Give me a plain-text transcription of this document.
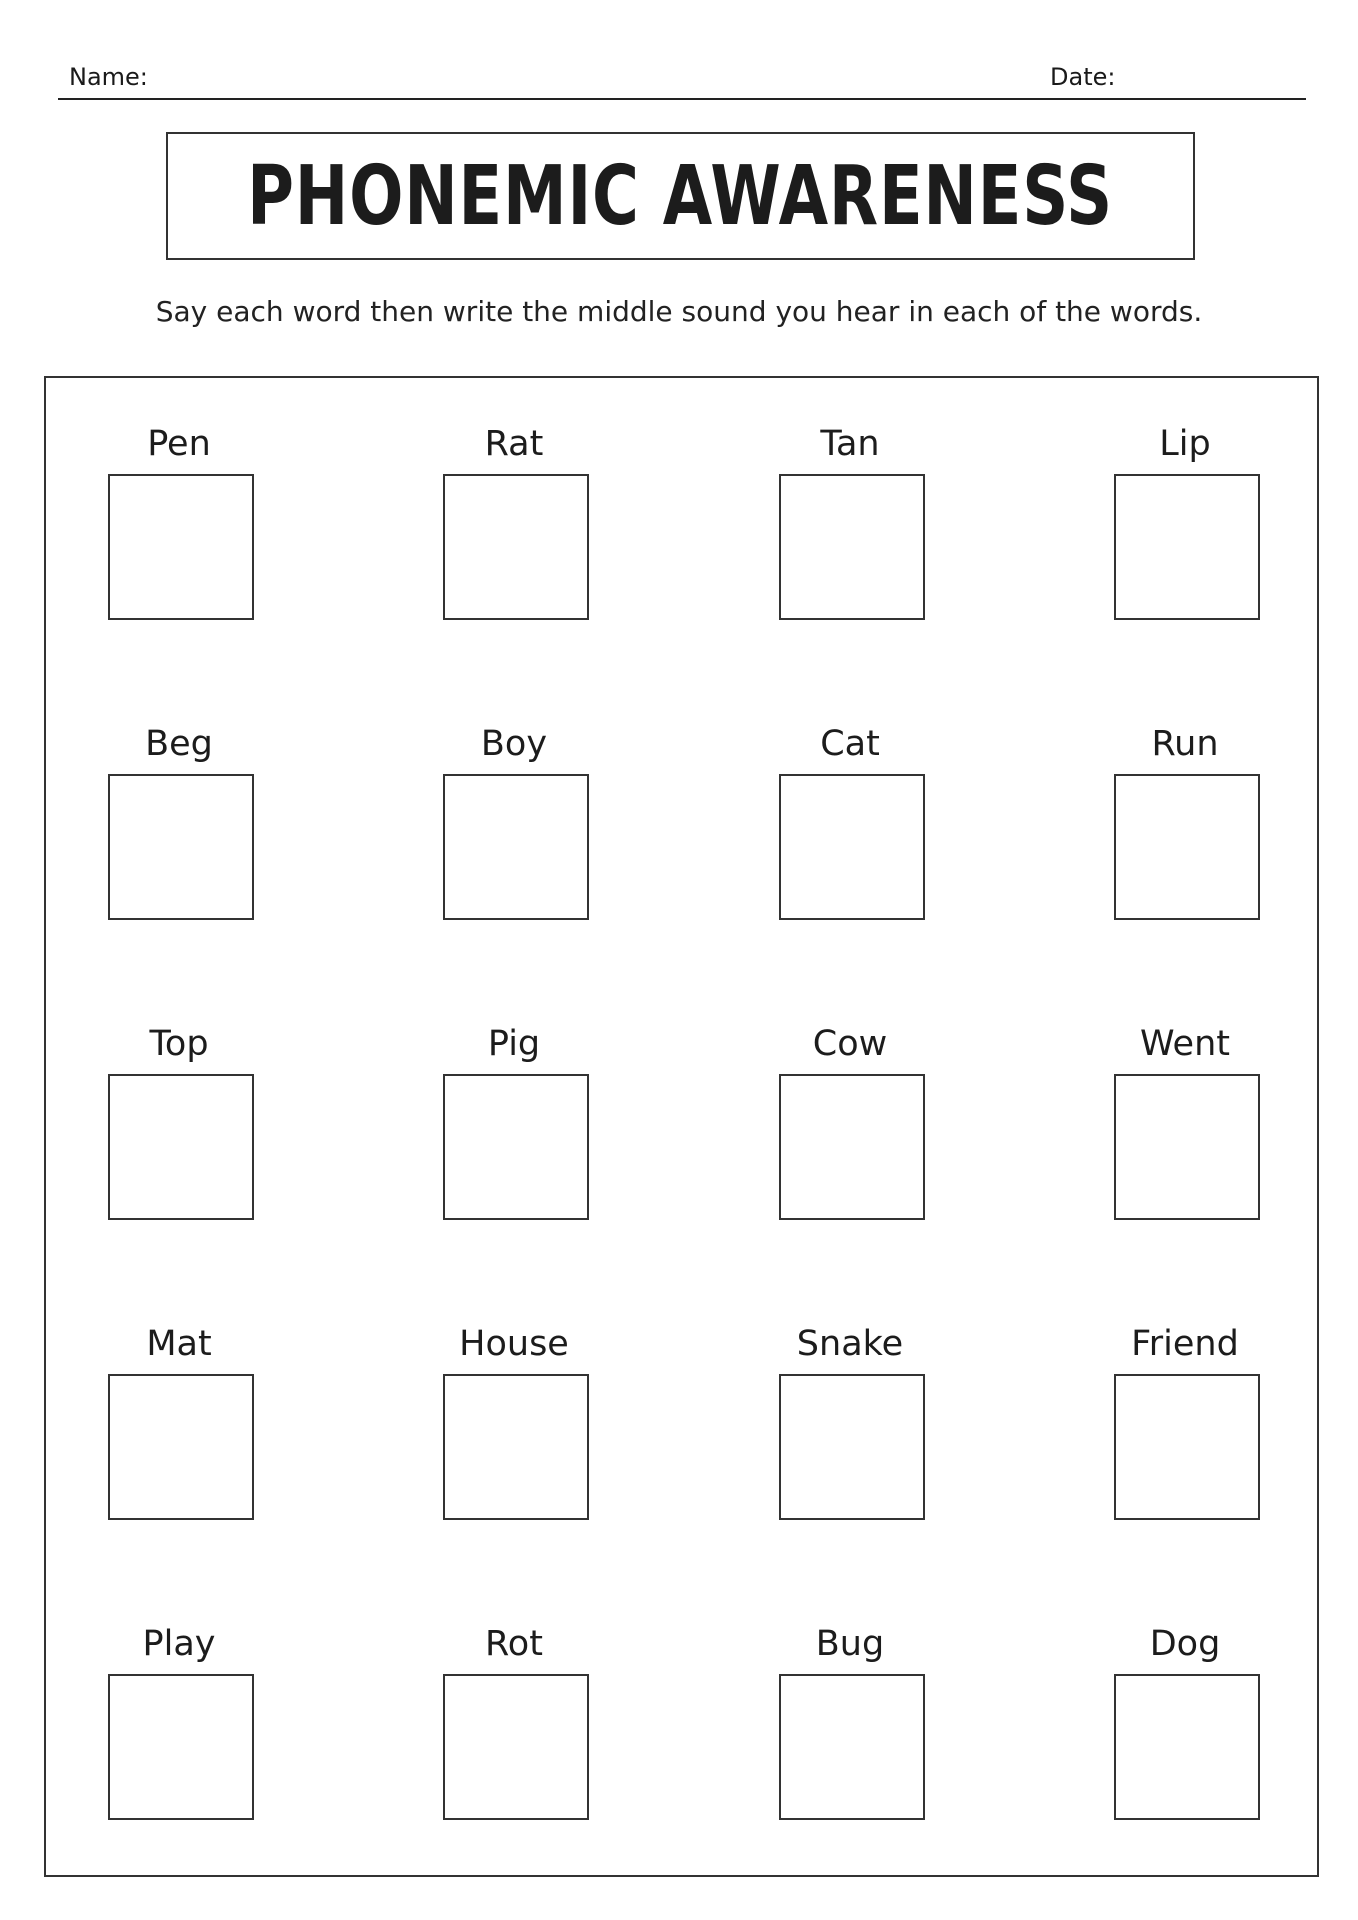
Name:	Date:
PHONEMIC AWARENESS
Say each word then write the middle sound you hear in each of the words.
Pen	Rat	Tan	Lip
Beg	Boy	Cat	Run
Top	Pig	Cow	Went
Mat	House	Snake	Friend
Play	Rot	Bug	Dog
